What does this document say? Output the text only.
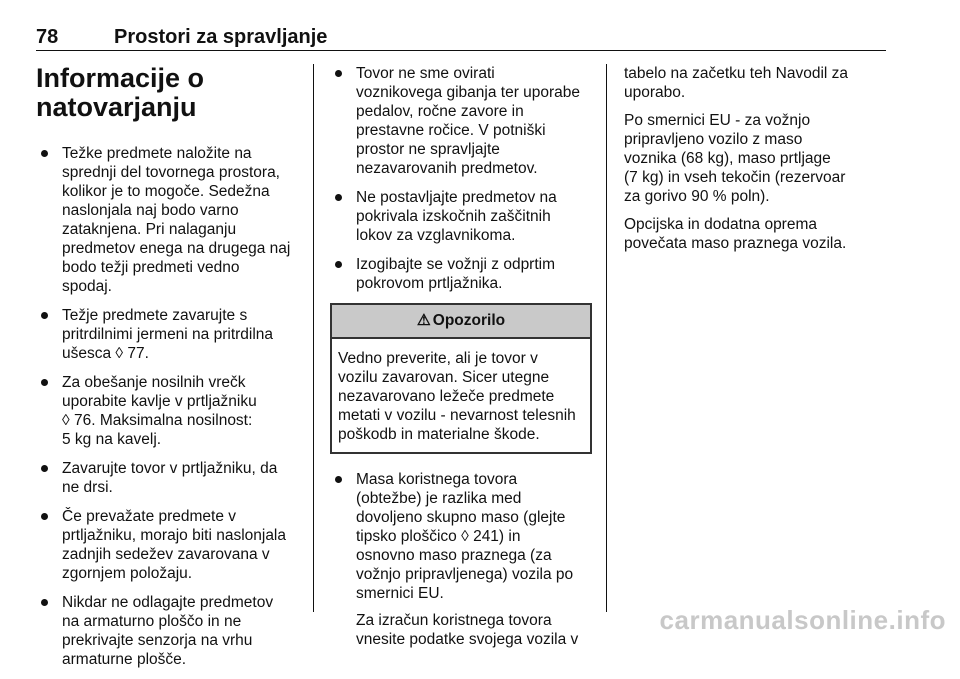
78	Prostori za spravljanje
Informacije o
natovarjanju
Težke predmete naložite na
sprednji del tovornega prostora,
kolikor je to mogoče. Sedežna
naslonjala naj bodo varno
zataknjena. Pri nalaganju
predmetov enega na drugega naj
bodo težji predmeti vedno
spodaj.
Težje predmete zavarujte s
pritrdilnimi jermeni na pritrdilna
ušesca ◊ 77.
Za obešanje nosilnih vrečk
uporabite kavlje v prtljažniku
◊ 76. Maksimalna nosilnost:
5 kg na kavelj.
Zavarujte tovor v prtljažniku, da
ne drsi.
Če prevažate predmete v
prtljažniku, morajo biti naslonjala
zadnjih sedežev zavarovana v
zgornjem položaju.
Nikdar ne odlagajte predmetov
na armaturno ploščo in ne
prekrivajte senzorja na vrhu
armaturne plošče.
Tovor ne sme ovirati
voznikovega gibanja ter uporabe
pedalov, ročne zavore in
prestavne ročice. V potniški
prostor ne spravljajte
nezavarovanih predmetov.
Ne postavljajte predmetov na
pokrivala izskočnih zaščitnih
lokov za vzglavnikoma.
Izogibajte se vožnji z odprtim
pokrovom prtljažnika.
⚠ Opozorilo
Vedno preverite, ali je tovor v
vozilu zavarovan. Sicer utegne
nezavarovano ležeče predmete
metati v vozilu - nevarnost telesnih
poškodb in materialne škode.
Masa koristnega tovora
(obtežbe) je razlika med
dovoljeno skupno maso (glejte
tipsko ploščico ◊ 241) in
osnovno maso praznega (za
vožnjo pripravljenega) vozila po
smernici EU.
Za izračun koristnega tovora
vnesite podatke svojega vozila v

tabelo na začetku teh Navodil za
uporabo.

Po smernici EU - za vožnjo
pripravljeno vozilo z maso
voznika (68 kg), maso prtljage
(7 kg) in vseh tekočin (rezervoar
za gorivo 90 % poln).

Opcijska in dodatna oprema
povečata maso praznega vozila.

carmanualsonline.info
